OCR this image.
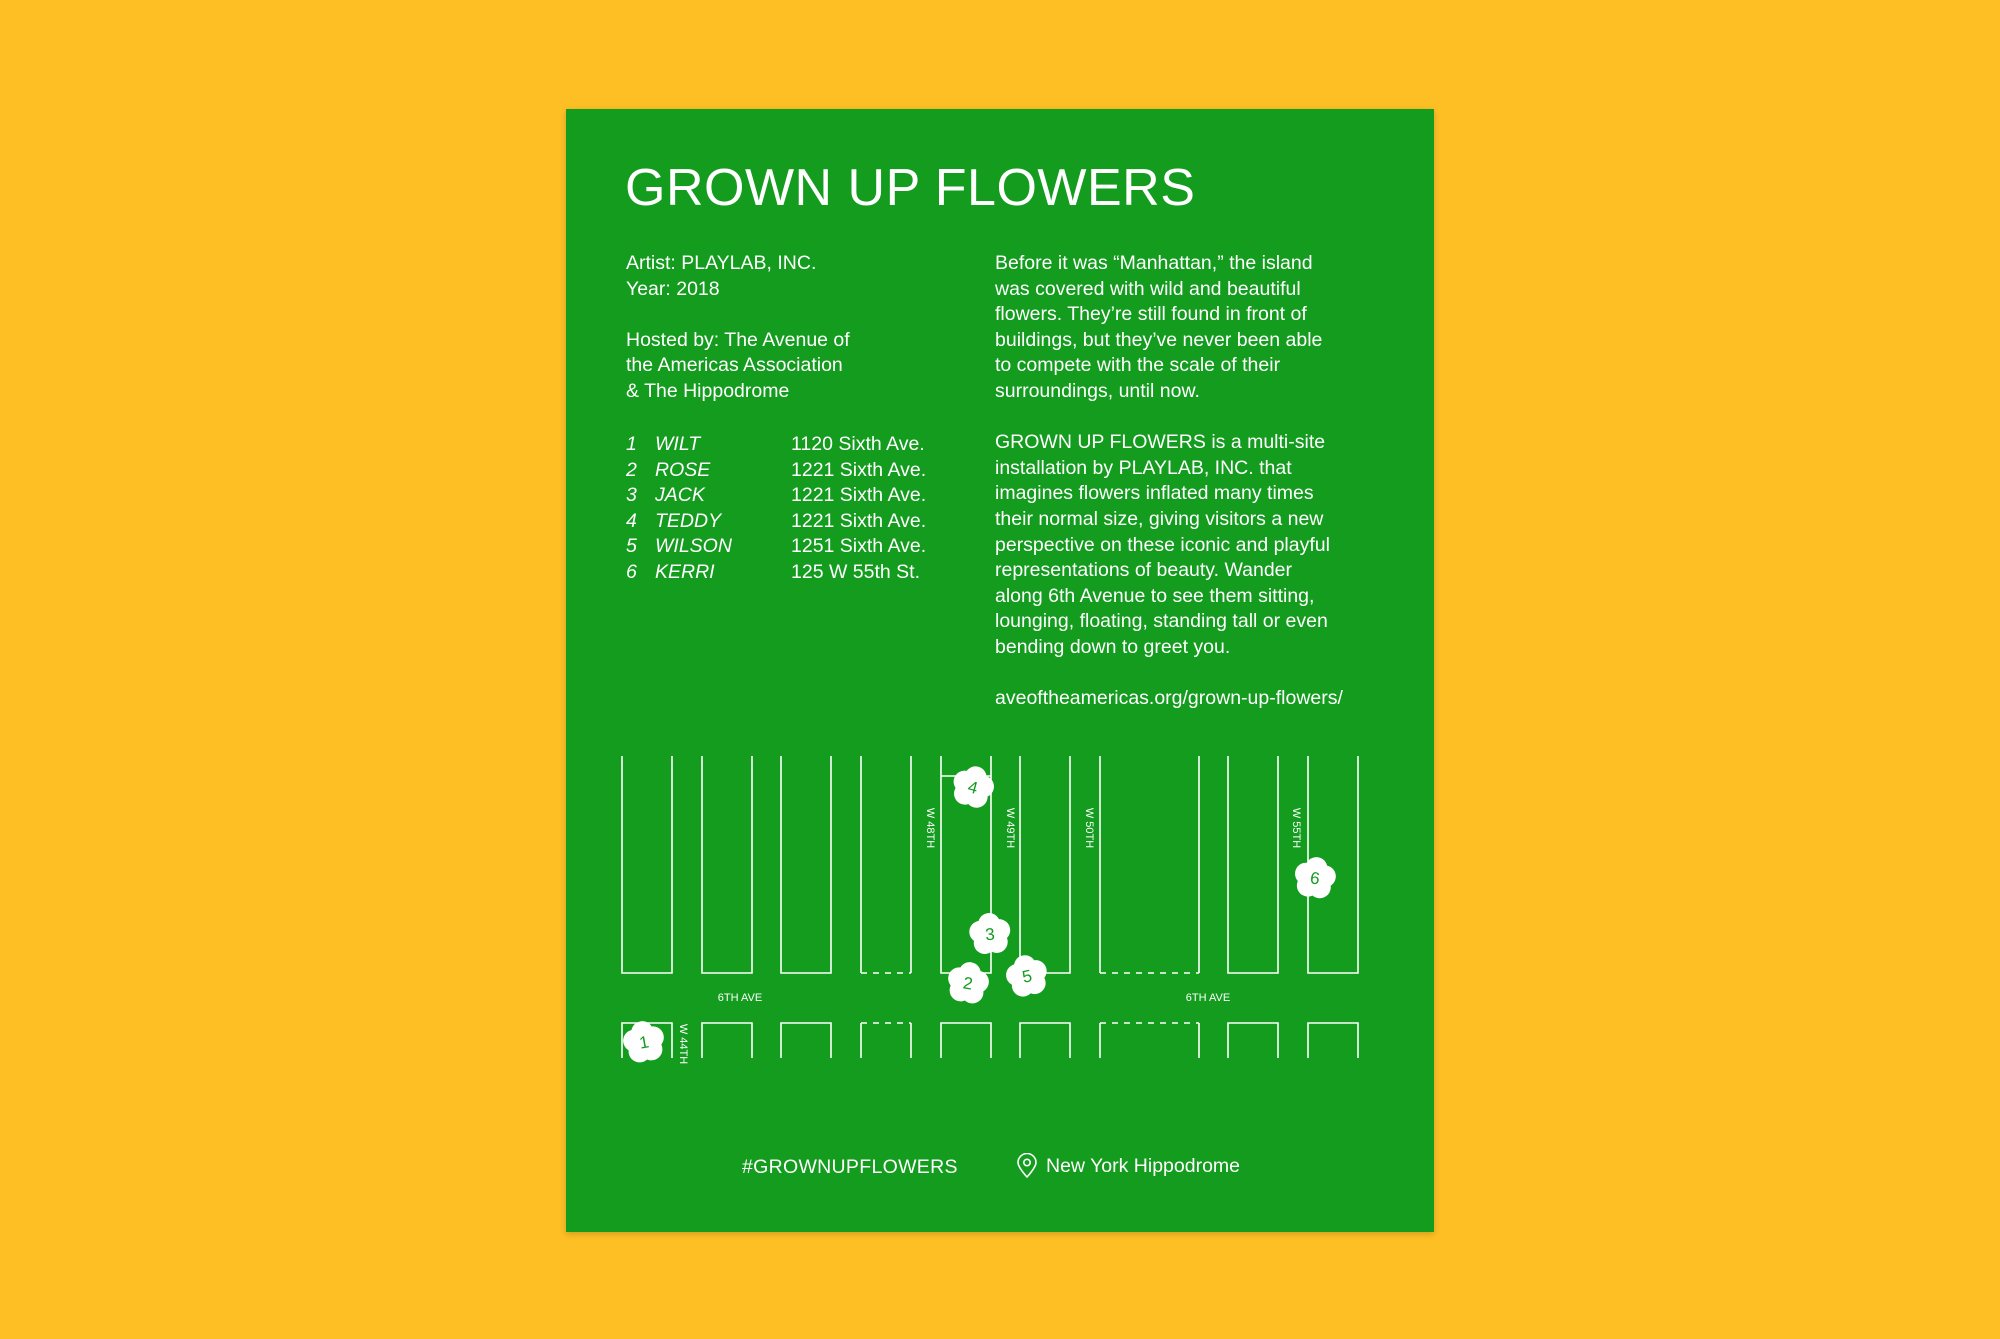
GROWN UP FLOWERS

Artist: PLAYLAB, INC.

Year: 2018

Hosted by: The Avenue of

the Americas Association

& The Hippodrome

1 WILT	1120 Sixth Ave.
2 ROSE	1221 Sixth Ave.
3 JACK	1221 Sixth Ave.
4 TEDDY	1221 Sixth Ave.
5 WILSON	1251 Sixth Ave.
6 KERRI	125 W 55th St.

Before it was “Manhattan,” the island
was covered with wild and beautiful
flowers. They’re still found in front of
buildings, but they’ve never been able
to compete with the scale of their
surroundings, until now.

GROWN UP FLOWERS is a multi-site
installation by PLAYLAB, INC. that
imagines flowers inflated many times
their normal size, giving visitors a new
perspective on these iconic and playful
representations of beauty. Wander
along 6th Avenue to see them sitting,
lounging, floating, standing tall or even
bending down to greet you.

aveoftheamericas.org/grown-up-flowers/

6TH AVE	6TH AVE
W 44TH
W 48TH	W 49TH	W 50TH	W 55TH
1
2
3
4
5
6
#GROWNUPFLOWERS	New York Hippodrome
